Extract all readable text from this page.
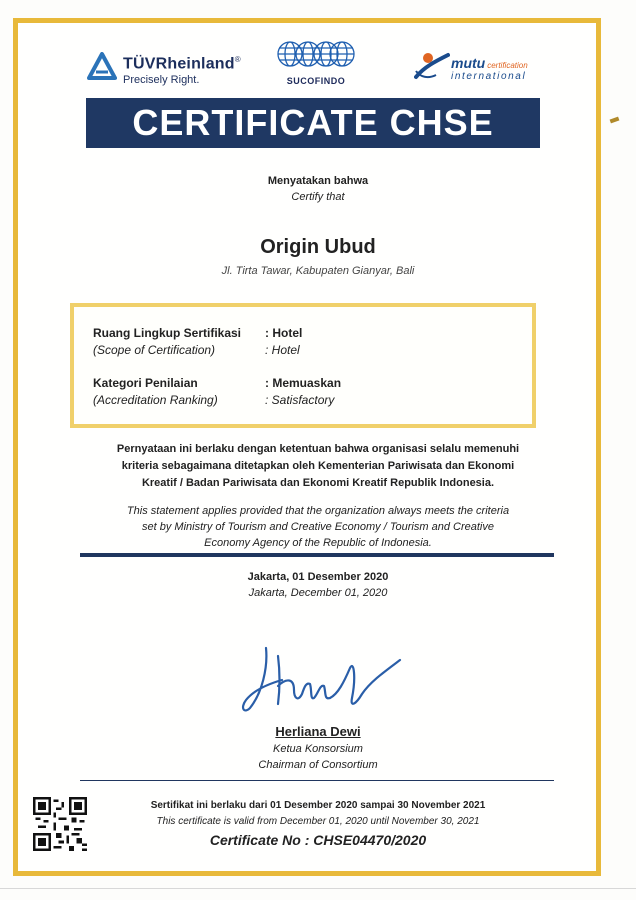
TÜVRheinland®
Precisely Right.	SUCOFINDO
mutu certification
international
CERTIFICATE CHSE
Menyatakan bahwa
Certify that
Origin Ubud
Jl. Tirta Tawar, Kabupaten Gianyar, Bali
Ruang Lingkup Sertifikasi
(Scope of Certification)
: Hotel
: Hotel
Kategori Penilaian
(Accreditation Ranking)
: Memuaskan
: Satisfactory
Pernyataan ini berlaku dengan ketentuan bahwa organisasi selalu memenuhi
kriteria sebagaimana ditetapkan oleh Kementerian Pariwisata dan Ekonomi
Kreatif / Badan Pariwisata dan Ekonomi Kreatif Republik Indonesia.
This statement applies provided that the organization always meets the criteria
set by Ministry of Tourism and Creative Economy / Tourism and Creative
Economy Agency of the Republic of Indonesia.
Jakarta, 01 Desember 2020
Jakarta, December 01, 2020
Herliana Dewi
Ketua Konsorsium
Chairman of Consortium
Sertifikat ini berlaku dari 01 Desember 2020 sampai 30 November 2021
This certificate is valid from December 01, 2020 until November 30, 2021
Certificate No : CHSE04470/2020
